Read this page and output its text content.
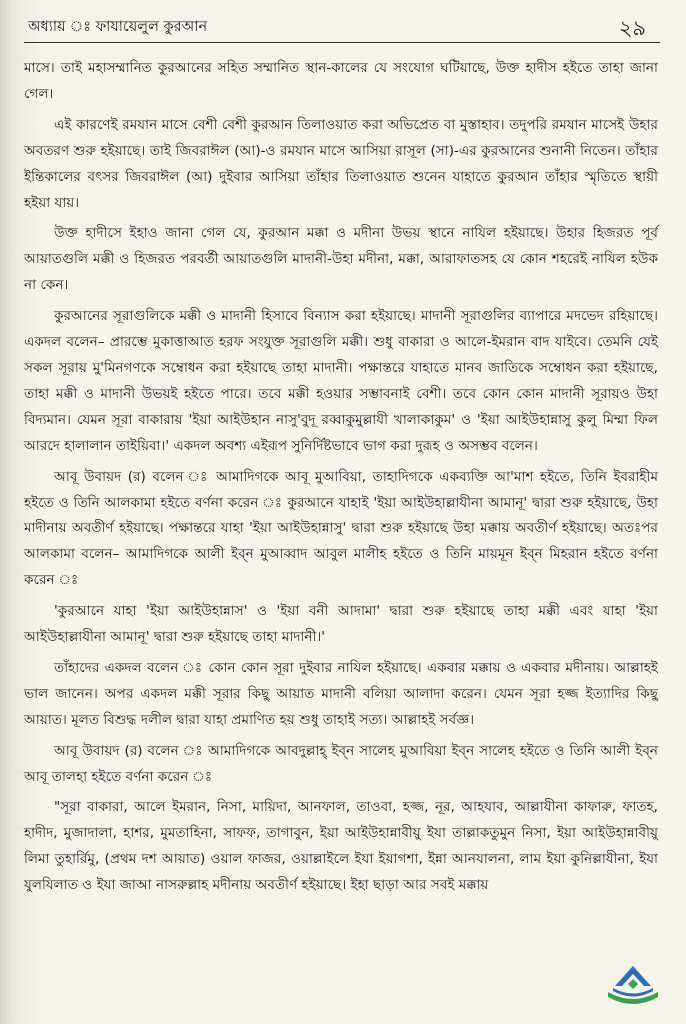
অধ্যায় ঃ ফাযায়েলুল কুরআন	২৯

মাসে। তাই মহাসম্মানিত কুরআনের সহিত সম্মানিত স্থান-কালের যে সংযোগ ঘটিয়াছে, উক্ত হাদীস হইতে তাহা জানা গেল।

এই কারণেই রমযান মাসে বেশী বেশী কুরআন তিলাওয়াত করা অভিপ্রেত বা মুস্তাহাব। তদুপরি রমযান মাসেই উহার অবতরণ শুরু হইয়াছে। তাই জিবরাঈল (আ)-ও রমযান মাসে আসিয়া রাসূল (সা)-এর কুরআনের শুনানী নিতেন। তাঁহার ইন্তিকালের বৎসর জিবরাঈল (আ) দুইবার আসিয়া তাঁহার তিলাওয়াত শুনেন যাহাতে কুরআন তাঁহার স্মৃতিতে স্থায়ী হইয়া যায়।

উক্ত হাদীসে ইহাও জানা গেল যে, কুরআন মক্কা ও মদীনা উভয় স্থানে নাযিল হইয়াছে। উহার হিজরত পূর্ব আয়াতগুলি মক্কী ও হিজরত পরবর্তী আয়াতগুলি মাদানী-উহা মদীনা, মক্কা, আরাফাতসহ যে কোন শহরেই নাযিল হউক না কেন।

কুরআনের সূরাগুলিকে মক্কী ও মাদানী হিসাবে বিন্যাস করা হইয়াছে। মাদানী সূরাগুলির ব্যাপারে মদভেদ রহিয়াছে। একদল বলেন– প্রারম্ভে মুকাত্তাআত হরফ সংযুক্ত সূরাগুলি মক্কী। শুধু বাকারা ও আলে-ইমরান বাদ যাইবে। তেমনি যেই সকল সূরায় মু'মিনগণকে সম্বোধন করা হইয়াছে তাহা মাদানী। পক্ষান্তরে যাহাতে মানব জাতিকে সম্বোধন করা হইয়াছে, তাহা মক্কী ও মাদানী উভয়ই হইতে পারে। তবে মক্কী হওয়ার সম্ভাবনাই বেশী। তবে কোন কোন মাদানী সূরায়ও উহা বিদ্যমান। যেমন সূরা বাকারায় 'ইয়া আইউহান নাসু'বুদূ রব্বাকুমুল্লাযী খালাকাকুম' ও 'ইয়া আইউহান্নাসু কুলু মিম্মা ফিল আরদে হালালান তাইয়িবা।' একদল অবশ্য এইরূপ সুনির্দিষ্টভাবে ভাগ করা দুরূহ ও অসম্ভব বলেন।

আবূ উবায়দ (র) বলেন ঃ আমাদিগকে আবূ মুআবিয়া, তাহাদিগকে একব্যক্তি আ'মাশ হইতে, তিনি ইবরাহীম হইতে ও তিনি আলকামা হইতে বর্ণনা করেন ঃ কুরআনে যাহাই 'ইয়া আইউহাল্লাযীনা আমানূ' দ্বারা শুরু হইয়াছে, উহা মাদীনায় অবতীর্ণ হইয়াছে। পক্ষান্তরে যাহা 'ইয়া আইউহান্নাসু' দ্বারা শুরু হইয়াছে উহা মক্কায় অবতীর্ণ হইয়াছে। অতঃপর আলকামা বলেন– আমাদিগকে আলী ইব্ন মুআব্বাদ আবুল মালীহ হইতে ও তিনি মায়মূন ইব্ন মিহরান হইতে বর্ণনা করেন ঃ

'কুরআনে যাহা 'ইয়া আইউহান্নাস' ও 'ইয়া বনী আদামা' দ্বারা শুরু হইয়াছে তাহা মক্কী এবং যাহা 'ইয়া আইউহাল্লাযীনা আমানূ' দ্বারা শুরু হইয়াছে তাহা মাদানী।'

তাঁহাদের একদল বলেন ঃ কোন কোন সূরা দুইবার নাযিল হইয়াছে। একবার মক্কায় ও একবার মদীনায়। আল্লাহই ভাল জানেন। অপর একদল মক্কী সূরার কিছু আয়াত মাদানী বলিয়া আলাদা করেন। যেমন সূরা হজ্জ ইত্যাদির কিছু আয়াত। মূলত বিশুদ্ধ দলীল দ্বারা যাহা প্রমাণিত হয় শুধু তাহাই সত্য। আল্লাহই সর্বজ্ঞ।

আবূ উবায়দ (র) বলেন ঃ আমাদিগকে আবদুল্লাহ্ ইব্ন সালেহ মুআবিয়া ইব্ন সালেহ হইতে ও তিনি আলী ইব্ন আবূ তালহা হইতে বর্ণনা করেন ঃ

"সূরা বাকারা, আলে ইমরান, নিসা, মায়িদা, আনফাল, তাওবা, হজ্জ, নূর, আহযাব, আল্লাযীনা কাফারু, ফাতহ, হাদীদ, মুজাদালা, হাশর, মুমতাহিনা, সাফফ, তাগাবুন, ইয়া আইউহান্নাবীয়ু ইযা তাল্লাকতুমুন নিসা, ইয়া আইউহান্নাবীয়ু লিমা তুহার্রিমু, (প্রথম দশ আয়াত) ওয়াল ফাজর, ওয়াল্লাইলে ইযা ইয়াগশা, ইন্না আনযালনা, লাম ইয়া কুনিল্লাযীনা, ইযা যুলযিলাত ও ইযা জাআ নাসরুল্লাহ মদীনায় অবতীর্ণ হইয়াছে। ইহা ছাড়া আর সবই মক্কায়
